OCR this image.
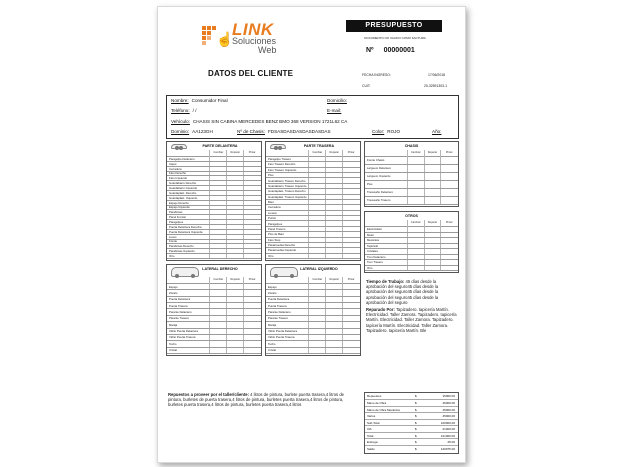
☝
LINK
Soluciones
Web
DATOS DEL CLIENTE
PRESUPUESTO
DOCUMENTO NO VALIDO COMO FACTURA
Nº 00000001
FECHA INGRESO:	17/06/2018
CUIT:	20-32591303-1
Nombre: Consumidor Final	Domicilio:
Teléfono: / /	E-mail:
Vehículo: CHASIS SIN CABINA MERCEDES BENZ BMO 368 VERSION 1721L62 CA
Dominio: AA123GH	Nº de Chasis: FDSASDASDASDASDASDAS	Color: ROJO	Año:
PARTE DELANTERA
Cambiar	Reparar	Pintar
Paragolpe Delantero
Capot
Cerradura
Faro Derecho
Faro Izquierdo
Guardabarro Derecho
Guardabarro Izquierdo
Guardaplast. Derecho
Guardaplast. Izquierdo
Espejo Derecho
Espejo Izquierdo
Parabrisas
Panel Frontal
Paragolpes
Puerta Delantera Derecha
Puerta Delantera Izquierda
Luces
Frente
Parabrisas Derecho
Parabrisas Izquierdo
Otro
PARTE TRASERA
Cambiar	Reparar	Pintar
Paragolpe Trasero
Faro Trasero Derecho
Faro Trasero Izquierdo
Piso
Guardabarro Trasero Derecho
Guardabarro Trasero Izquierdo
Guardaplast. Trasero Derecho
Guardaplast. Trasero Izquierdo
Baul
Cerradura
Luneta
Portón
Paragolpes
Panel Trasero
Piso de Baul
Faro Stop
Pasarruedas Derecho
Pasarruedas Izquierdo
Otro
CHASIS
Cambiar	Reparar	Pintar
Frente Chasis
Larguero Delantero
Larguero Izquierdo
Piso
Travesaño Delantero
Travesaño Trasero
OTROS
Cambiar	Reparar	Pintar
Electricidad
Motor
Mecánica
Tapizado
Cristales
Tren Delantero
Tren Trasero
Otro
LATERAL DERECHO
Cambiar	Reparar	Pintar
Espejo
Zócalo
Puerta Delantera
Puerta Trasera
Parante Delantero
Parante Trasero
Manija
Vidrio Puerta Delantera
Vidrio Puerta Trasera
Techo
Cristal
LATERAL IZQUIERDO
Cambiar	Reparar	Pintar
Espejo
Zócalo
Puerta Delantera
Puerta Trasera
Parante Delantero
Parante Trasero
Manija
Vidrio Puerta Delantera
Vidrio Puerta Trasera
Techo
Cristal
Tiempo de Trabajo: 45 días desde la aprobación del seguro45 días desde la aprobación del seguro45 días desde la aprobación del seguro45 días desde la aprobación del seguro
Reparado Por: Tapizadero. tapicería Martín. Electricidad. Taller Zamora. Tapizadero. tapicería Martín. Electricidad. Taller Zamora. Tapizadero. tapicería Martín. Electricidad. Taller Zamora. Tapizadero. tapicería Martín. Ble
Repuestos a proveer por el taller/cliente: 4 litros de pintura, burlete puerta trasera,4 litros de pintura, burletes de puerta trasera,4 litros de pintura, burletes puerta trasera,4 litros de pintura, burletes puerta trasera,4 litros de pintura, burletes puerta trasera,4 litros
Repuestos	$	15000.00
Mano de Obra	$	45000.00
Mano de Obra Mecánica	$	45000.00
Varios	$	45000.00
Sub Total	$	100000.00
IVA	$	21000.00
Total	$	121000.00
Entrega	$	25.00
Saldo	$	120975.00
